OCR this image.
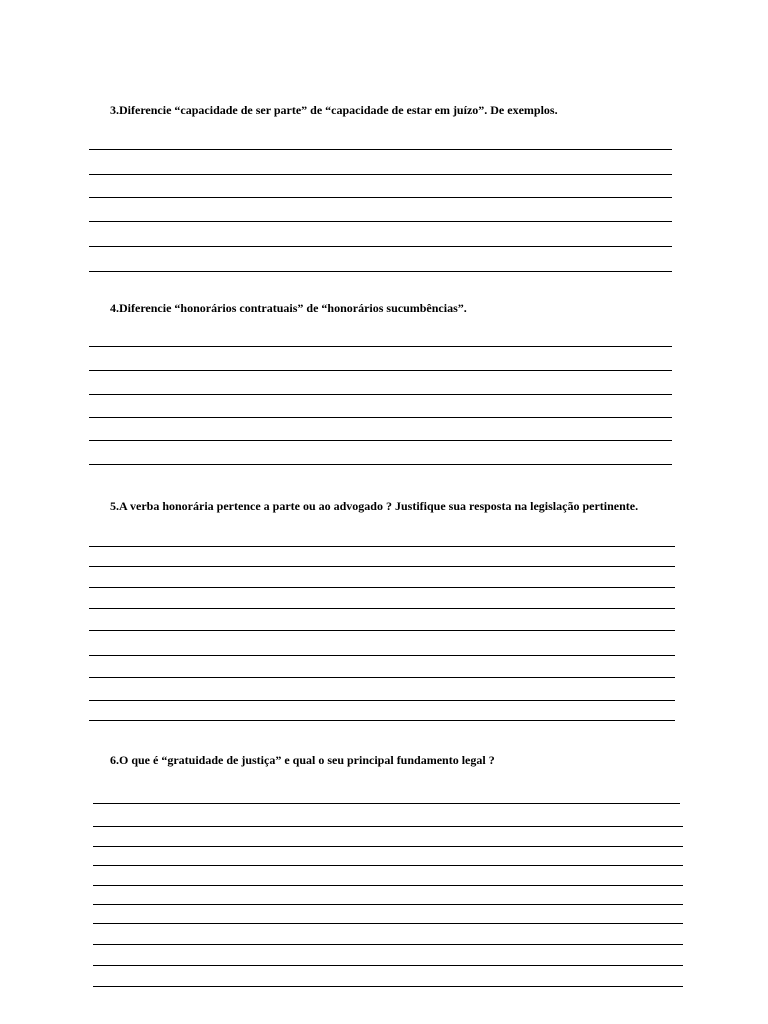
3.Diferencie “capacidade de ser parte” de “capacidade de estar em juízo”. De exemplos.

4.Diferencie “honorários contratuais” de “honorários sucumbências”.

5.A verba honorária pertence a parte ou ao advogado ? Justifique sua resposta na legislação pertinente.

6.O que é “gratuidade de justiça” e qual o seu principal fundamento legal ?
